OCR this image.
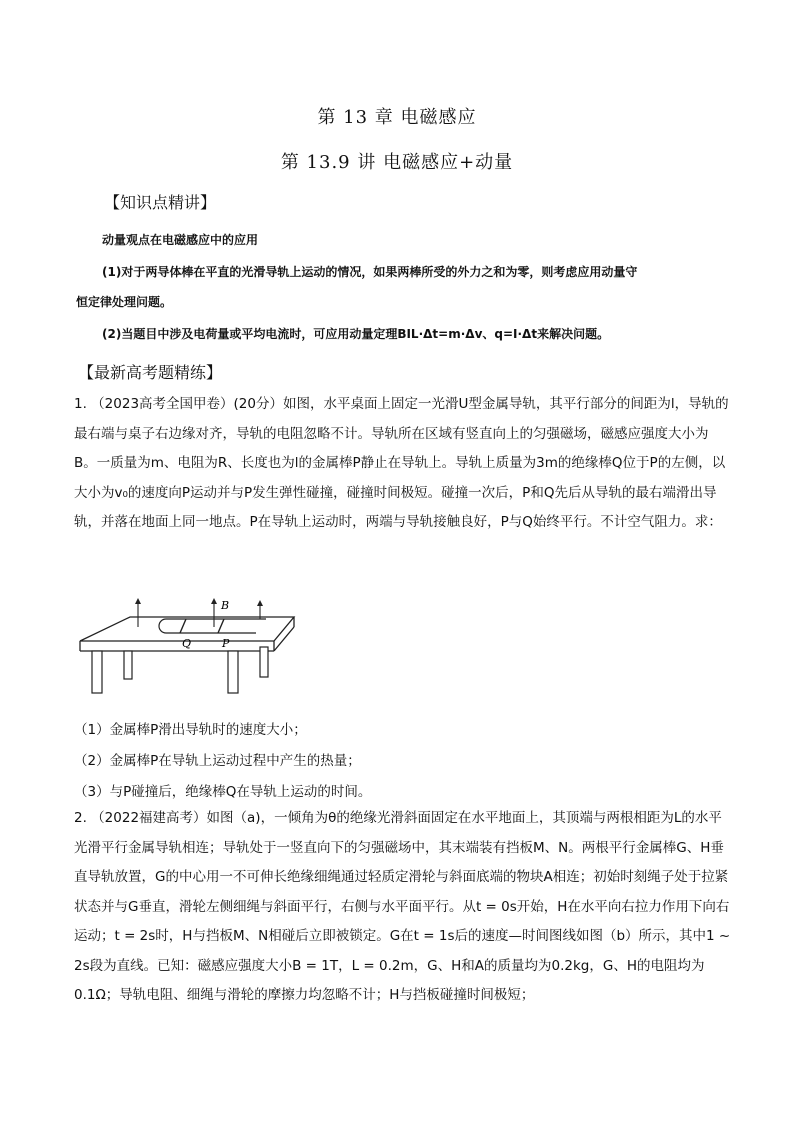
第 13 章 电磁感应
第 13.9 讲 电磁感应+动量
【知识点精讲】
动量观点在电磁感应中的应用
(1)对于两导体棒在平直的光滑导轨上运动的情况，如果两棒所受的外力之和为零，则考虑应用动量守
恒定律处理问题。
(2)当题目中涉及电荷量或平均电流时，可应用动量定理BIL·Δt=m·Δv、q=I·Δt来解决问题。
【最新高考题精练】
1. （2023高考全国甲卷）(20分）如图，水平桌面上固定一光滑U型金属导轨，其平行部分的间距为l，导轨的最右端与桌子右边缘对齐，导轨的电阻忽略不计。导轨所在区域有竖直向上的匀强磁场，磁感应强度大小为B。一质量为m、电阻为R、长度也为l的金属棒P静止在导轨上。导轨上质量为3m的绝缘棒Q位于P的左侧，以大小为v₀的速度向P运动并与P发生弹性碰撞，碰撞时间极短。碰撞一次后，P和Q先后从导轨的最右端滑出导轨，并落在地面上同一地点。P在导轨上运动时，两端与导轨接触良好，P与Q始终平行。不计空气阻力。求：
B
Q	P
（1）金属棒P滑出导轨时的速度大小；
（2）金属棒P在导轨上运动过程中产生的热量；
（3）与P碰撞后，绝缘棒Q在导轨上运动的时间。
2. （2022福建高考）如图（a)，一倾角为θ的绝缘光滑斜面固定在水平地面上，其顶端与两根相距为L的水平光滑平行金属导轨相连；导轨处于一竖直向下的匀强磁场中，其末端装有挡板M、N。两根平行金属棒G、H垂直导轨放置，G的中心用一不可伸长绝缘细绳通过轻质定滑轮与斜面底端的物块A相连；初始时刻绳子处于拉紧状态并与G垂直，滑轮左侧细绳与斜面平行，右侧与水平面平行。从t = 0s开始，H在水平向右拉力作用下向右运动；t = 2s时，H与挡板M、N相碰后立即被锁定。G在t = 1s后的速度—时间图线如图（b）所示，其中1 ~ 2s段为直线。已知：磁感应强度大小B = 1T，L = 0.2m，G、H和A的质量均为0.2kg，G、H的电阻均为0.1Ω；导轨电阻、细绳与滑轮的摩擦力均忽略不计；H与挡板碰撞时间极短；
